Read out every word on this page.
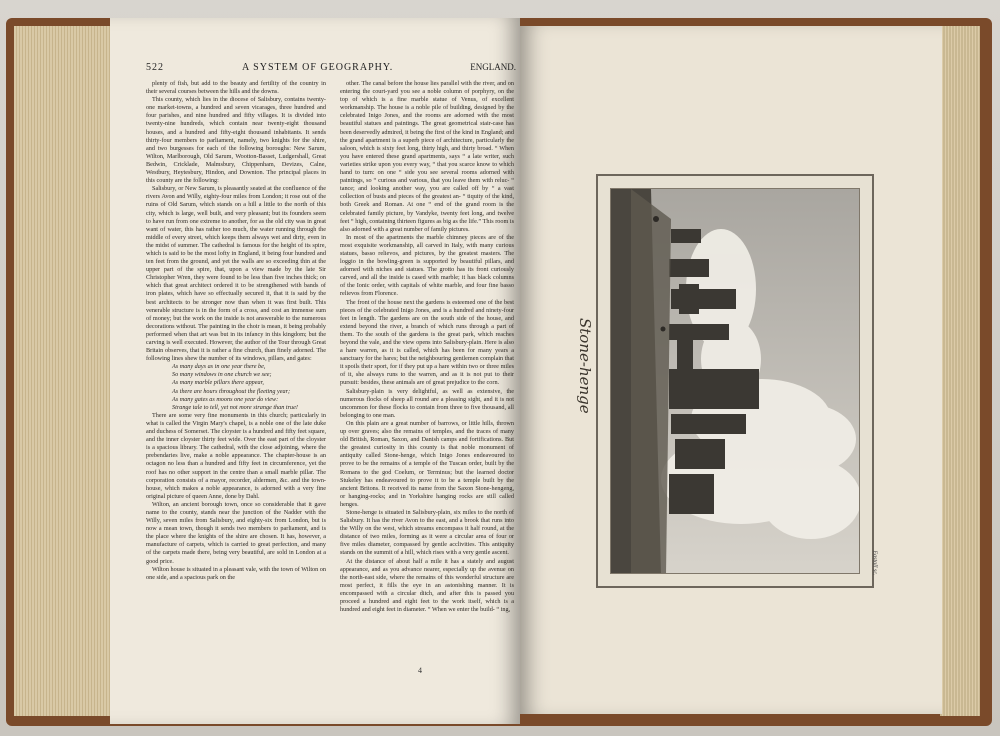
522	A SYSTEM OF GEOGRAPHY.	ENGLAND.

plenty of fish, but add to the beauty and fertility of the country in their several courses between the hills and the downs.

This county, which lies in the diocese of Salisbury, contains twenty-one market-towns, a hundred and seven vicarages, three hundred and four parishes, and nine hundred and fifty villages. It is divided into twenty-nine hundreds, which contain near twenty-eight thousand houses, and a hundred and fifty-eight thousand inhabitants. It sends thirty-four members to parliament, namely, two knights for the shire, and two burgesses for each of the following boroughs: New Sarum, Wilton, Marlborough, Old Sarum, Wootton-Basset, Ludgershall, Great Bedwin, Cricklade, Malmsbury, Chippenham, Devizes, Calne, Westbury, Heytesbury, Hindon, and Downton. The principal places in this county are the following:

Salisbury, or New Sarum, is pleasantly seated at the confluence of the rivers Avon and Willy, eighty-four miles from London; it rose out of the ruins of Old Sarum, which stands on a hill a little to the north of this city, which is large, well built, and very pleasant; but its founders seem to have run from one extreme to another, for as the old city was in great want of water, this has rather too much, the water running through the middle of every street, which keeps them always wet and dirty, even in the midst of summer. The cathedral is famous for the height of its spire, which is said to be the most lofty in England, it being four hundred and ten feet from the ground, and yet the walls are so exceeding thin at the upper part of the spire, that, upon a view made by the late Sir Christopher Wren, they were found to be less than five inches thick; on which that great architect ordered it to be strengthened with bands of iron plates, which have so effectually secured it, that it is said by the best architects to be stronger now than when it was first built. This venerable structure is in the form of a cross, and cost an immense sum of money; but the work on the inside is not answerable to the numerous decorations without. The painting in the choir is mean, it being probably performed when that art was but in its infancy in this kingdom; but the carving is well executed. However, the author of the Tour through Great Britain observes, that it is rather a fine church, than finely adorned. The following lines shew the number of its windows, pillars, and gates:

As many days as in one year there be,

So many windows in one church we see;

As many marble pillars there appear,

As there are hours throughout the fleeting year;

As many gates as moons one year do view:

Strange tale to tell, yet not more strange than true!

There are some very fine monuments in this church; particularly in what is called the Virgin Mary's chapel, is a noble one of the late duke and duchess of Somerset. The cloyster is a hundred and fifty feet square, and the inner cloyster thirty feet wide. Over the east part of the cloyster is a spacious library. The cathedral, with the close adjoining, where the prebendaries live, make a noble appearance. The chapter-house is an octagon no less than a hundred and fifty feet in circumference, yet the roof has no other support in the centre than a small marble pillar. The corporation consists of a mayor, recorder, aldermen, &c. and the town-house, which makes a noble appearance, is adorned with a very fine original picture of queen Anne, done by Dahl.

Wilton, an ancient borough town, once so considerable that it gave name to the county, stands near the junction of the Nadder with the Willy, seven miles from Salisbury, and eighty-six from London, but is now a mean town, though it sends two members to parliament, and is the place where the knights of the shire are chosen. It has, however, a manufacture of carpets, which is carried to great perfection, and many of the carpets made there, being very beautiful, are sold in London at a good price.

Wilton house is situated in a pleasant vale, with the town of Wilton on one side, and a spacious park on the

other. The canal before the house lies parallel with the river, and on entering the court-yard you see a noble column of porphyry, on the top of which is a fine marble statue of Venus, of excellent workmanship. The house is a noble pile of building, designed by the celebrated Inigo Jones, and the rooms are adorned with the most beautiful statues and paintings. The great geometrical stair-case has been deservedly admired, it being the first of the kind in England; and the grand apartment is a superb piece of architecture, particularly the saloon, which is sixty feet long, thirty high, and thirty broad. “ When you have entered these grand apartments, says “ a late writer, such varieties strike upon you every way, “ that you scarce know to which hand to turn: on one “ side you see several rooms adorned with paintings, so “ curious and various, that you leave them with reluc- “ tance; and looking another way, you are called off by “ a vast collection of busts and pieces of the greatest an- “ tiquity of the kind, both Greek and Roman. At one “ end of the grand room is the celebrated family picture, by Vandyke, twenty feet long, and twelve feet “ high, containing thirteen figures as big as the life.” This room is also adorned with a great number of family pictures.

In most of the apartments the marble chimney pieces are of the most exquisite workmanship, all carved in Italy, with many curious statues, basso relievos, and pictures, by the greatest masters. The loggio in the bowling-green is supported by beautiful pillars, and adorned with niches and statues. The grotto has its front curiously carved, and all the inside is cased with marble; it has black columns of the Ionic order, with capitals of white marble, and four fine basso relievos from Florence.

The front of the house next the gardens is esteemed one of the best pieces of the celebrated Inigo Jones, and is a hundred and ninety-four feet in length. The gardens are on the south side of the house, and extend beyond the river, a branch of which runs through a part of them. To the south of the gardens is the great park, which reaches beyond the vale, and the view opens into Salisbury-plain. Here is also a hare warren, as it is called, which has been for many years a sanctuary for the hares; but the neighbouring gentlemen complain that it spoils their sport, for if they put up a hare within two or three miles of it, she always runs to the warren, and as it is not put to their pursuit: besides, these animals are of great prejudice to the corn.

Salisbury-plain is very delightful, as well as extensive, the numerous flocks of sheep all round are a pleasing sight, and it is not uncommon for these flocks to contain from three to five thousand, all belonging to one man.

On this plain are a great number of barrows, or little hills, thrown up over graves; also the remains of temples, and the traces of many old British, Roman, Saxon, and Danish camps and fortifications. But the greatest curiosity in this county is that noble monument of antiquity called Stone-henge, which Inigo Jones endeavoured to prove to be the remains of a temple of the Tuscan order, built by the Romans to the god Coelum, or Terminus; but the learned doctor Stukeley has endeavoured to prove it to be a temple built by the ancient Britons. It received its name from the Saxon Stone-hengeng, or hanging-rocks; and in Yorkshire hanging rocks are still called henges.

Stone-henge is situated in Salisbury-plain, six miles to the north of Salisbury. It has the river Avon to the east, and a brook that runs into the Willy on the west, which streams encompass it half round, at the distance of two miles, forming as it were a circular area of four or five miles diameter, compassed by gentle acclivities. This antiquity stands on the summit of a hill, which rises with a very gentle ascent.

At the distance of about half a mile it has a stately and august appearance, and as you advance nearer, especially up the avenue on the north-east side, where the remains of this wonderful structure are most perfect, it fills the eye in an astonishing manner. It is encompassed with a circular ditch, and after this is passed you proceed a hundred and eight feet to the work itself, which is a hundred and eight feet in diameter. “ When we enter the build- “ ing,

4
Stone-henge
Eastall sc.
